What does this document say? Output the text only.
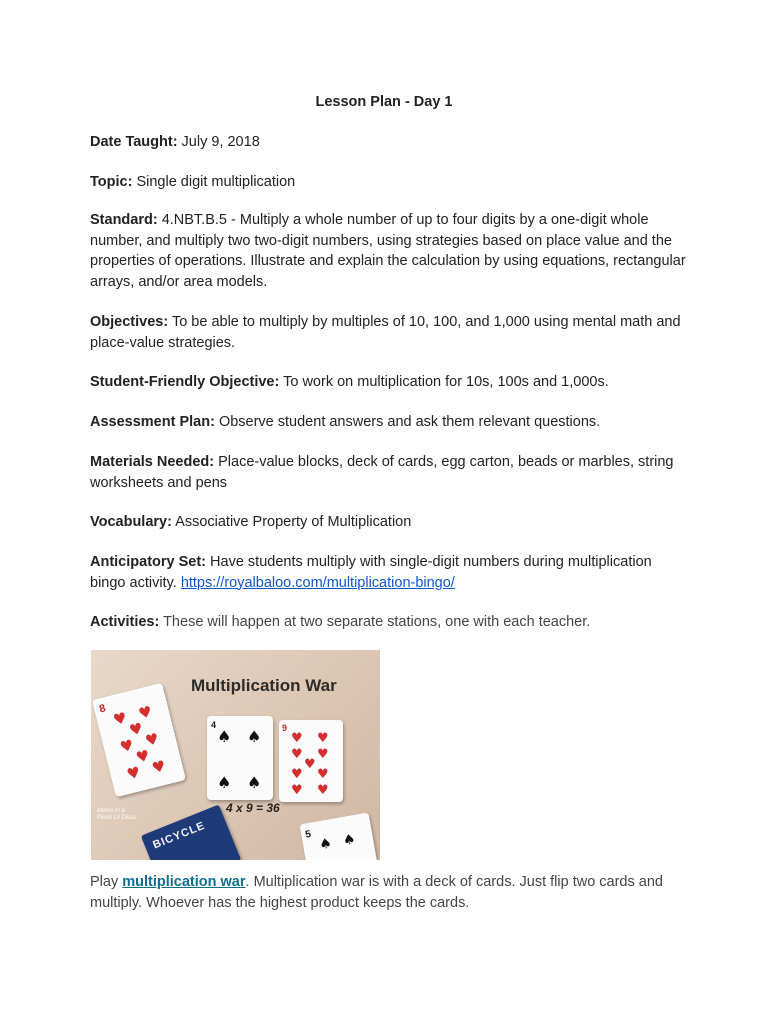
Lesson Plan - Day 1

Date Taught: July 9, 2018

Topic: Single digit multiplication

Standard: 4.NBT.B.5 - Multiply a whole number of up to four digits by a one-digit whole number, and multiply two two-digit numbers, using strategies based on place value and the properties of operations. Illustrate and explain the calculation by using equations, rectangular arrays, and/or area models.

Objectives: To be able to multiply by multiples of 10, 100, and 1,000 using mental math and place-value strategies.

Student-Friendly Objective: To work on multiplication for 10s, 100s and 1,000s.

Assessment Plan: Observe student answers and ask them relevant questions.

Materials Needed: Place-value blocks, deck of cards, egg carton, beads or marbles, string worksheets and pens

Vocabulary: Associative Property of Multiplication

Anticipatory Set: Have students multiply with single-digit numbers during multiplication bingo activity. https://royalbaloo.com/multiplication-bingo/

Activities: These will happen at two separate stations, one with each teacher.

Multiplication War
8 ♥ ♥
♥
♥ ♥
♥
♥ ♥
4
♠ ♠
♠ ♠
9
♥ ♥
♥ ♥
♥
♥ ♥
♥ ♥
4 x 9 = 36
BICYCLE	5
♠ ♠
Moms in a Pinch Lil Divas

Play multiplication war. Multiplication war is with a deck of cards. Just flip two cards and multiply. Whoever has the highest product keeps the cards.
